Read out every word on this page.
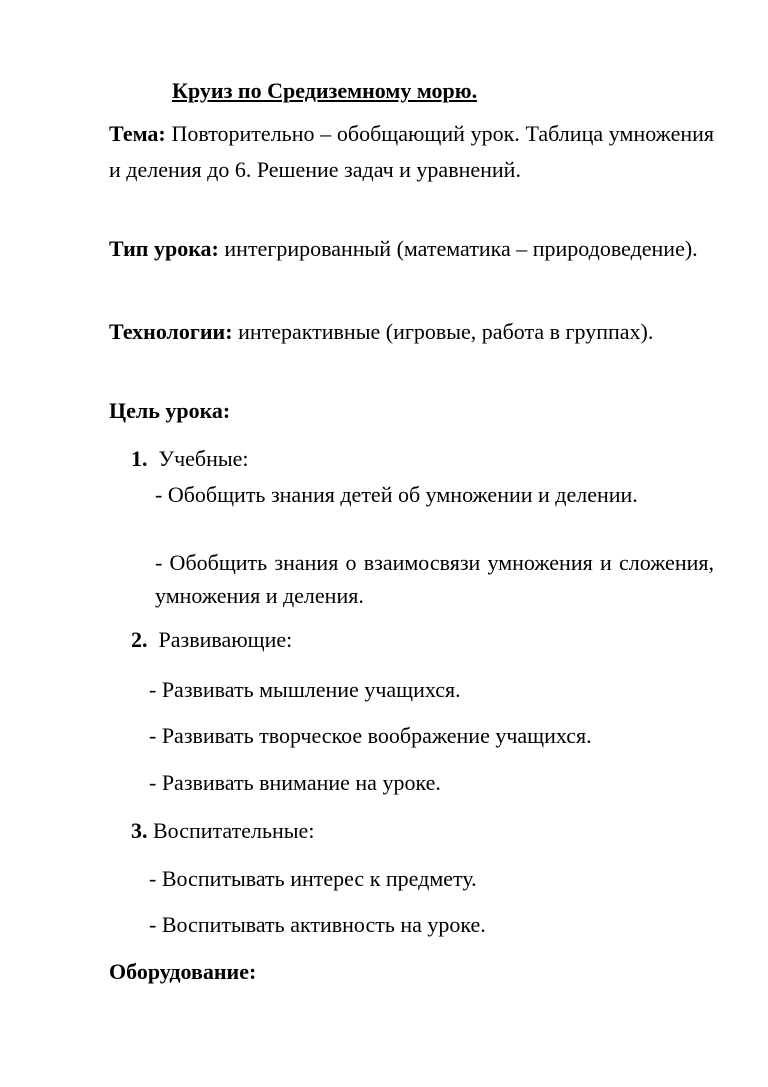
Круиз по Средиземному морю.
Тема: Повторительно – обобщающий урок. Таблица умножения и деления до 6. Решение задач и уравнений.
Тип урока: интегрированный (математика – природоведение).
Технологии: интерактивные (игровые, работа в группах).
Цель урока:
1. Учебные:
- Обобщить знания детей об умножении и делении.
- Обобщить знания о взаимосвязи умножения и сложения, умножения и деления.
2. Развивающие:
- Развивать мышление учащихся.
- Развивать творческое воображение учащихся.
- Развивать внимание на уроке.
3. Воспитательные:
- Воспитывать интерес к предмету.
- Воспитывать активность на уроке.
Оборудование:
